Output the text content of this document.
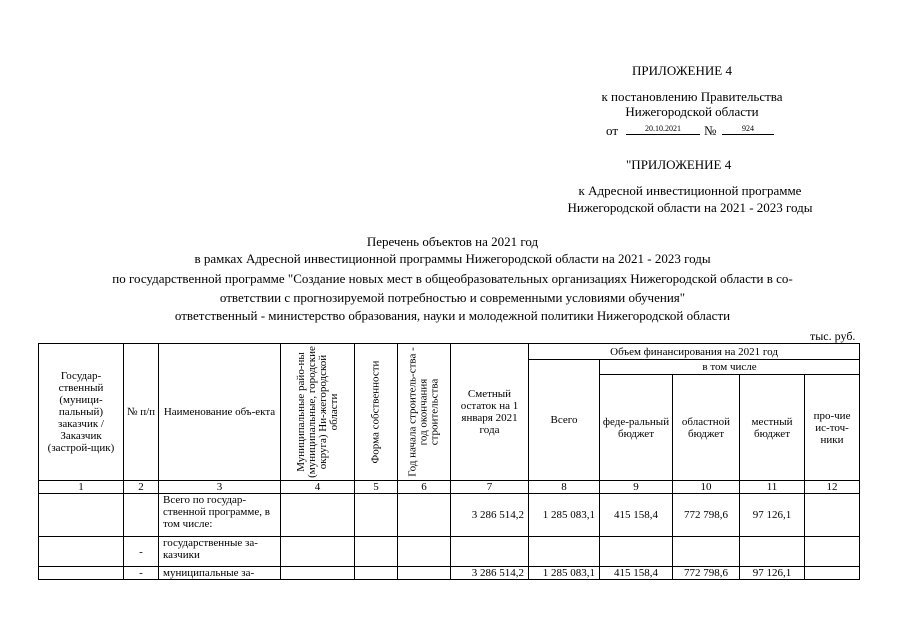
ПРИЛОЖЕНИЕ 4
к постановлению Правительства
Нижегородской области
от	20.10.2021	№	924
"ПРИЛОЖЕНИЕ 4
к Адресной инвестиционной программе
Нижегородской области на 2021 - 2023 годы
Перечень объектов на 2021 год
в рамках Адресной инвестиционной программы Нижегородской области на 2021 - 2023 годы
по государственной программе "Создание новых мест в общеобразовательных организациях Нижегородской области в со-
ответствии с прогнозируемой потребностью и современными условиями обучения"
ответственный - министерство образования, науки и молодежной политики Нижегородской области
тыс. руб.
Государ-ственный (муници-пальный) заказчик / Заказчик (застрой-щик)	№ п/п	Наименование объ-екта	Муниципальные райо-ны (муниципальные, городские округа) Ни-жегородской области	Форма собственности	Год начала строитель-ства - год окончания строительства	Сметный остаток на 1 января 2021 года	Объем финансирования на 2021 год				
							Всего	в том числе			
								феде-ральный бюджет	областной бюджет	местный бюджет	про-чие ис-точ-ники
1	2	3	4	5	6	7	8	9	10	11	12
		Всего по государ-ственной программе, в том числе:				3 286 514,2	1 285 083,1	415 158,4	772 798,6	97 126,1	
	-	государственные за-казчики									
	-	муниципальные за-				3 286 514,2	1 285 083,1	415 158,4	772 798,6	97 126,1	
